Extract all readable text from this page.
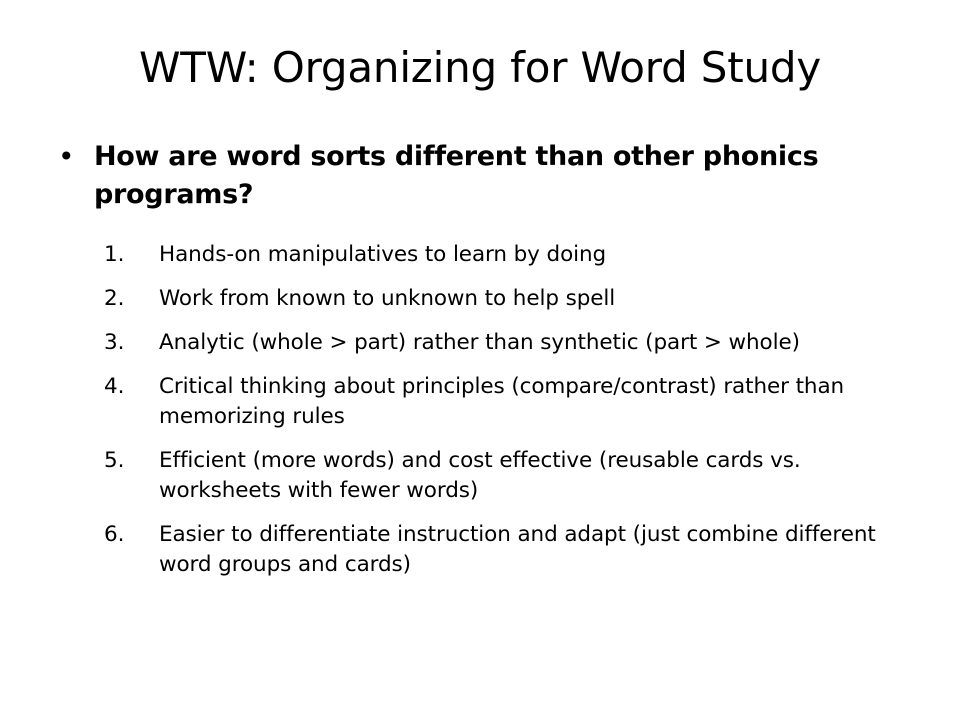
WTW: Organizing for Word Study
• How are word sorts different than other phonics programs?
1. Hands-on manipulatives to learn by doing
2. Work from known to unknown to help spell
3. Analytic (whole > part) rather than synthetic (part > whole)
4. Critical thinking about principles (compare/contrast) rather than memorizing rules
5. Efficient (more words) and cost effective (reusable cards vs. worksheets with fewer words)
6. Easier to differentiate instruction and adapt (just combine different word groups and cards)
